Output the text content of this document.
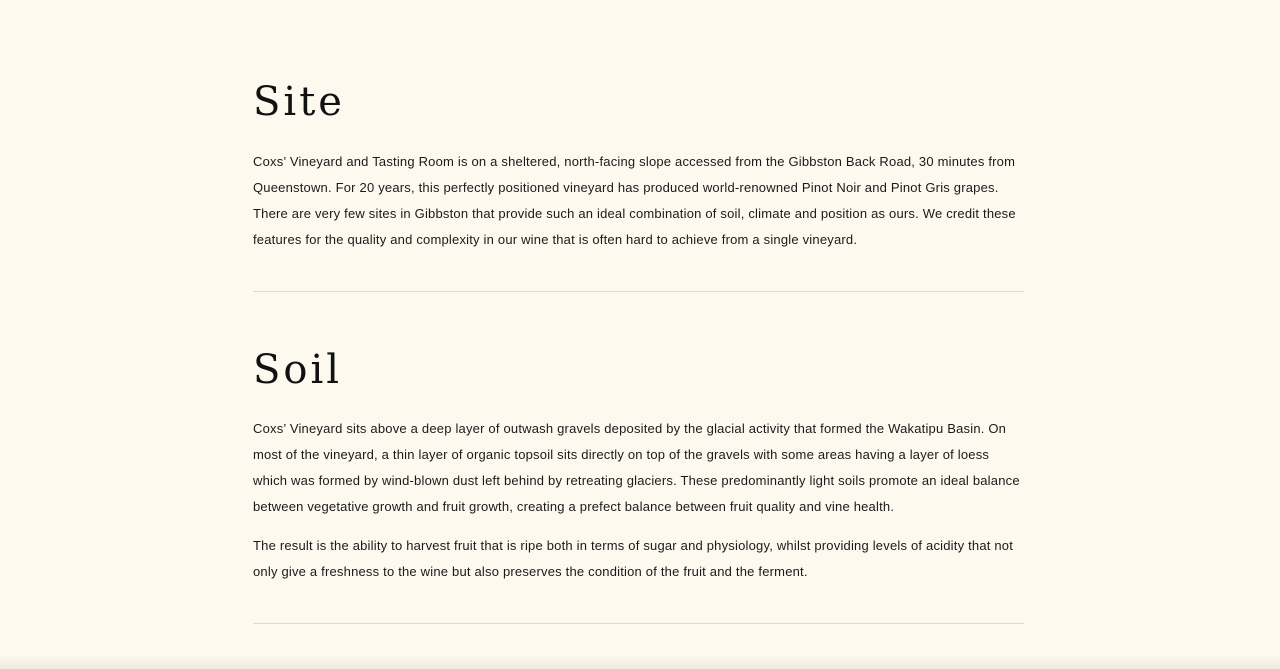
Site

Coxs’ Vineyard and Tasting Room is on a sheltered, north-facing slope accessed from the Gibbston Back Road, 30 minutes from Queenstown. For 20 years, this perfectly positioned vineyard has produced world-renowned Pinot Noir and Pinot Gris grapes. There are very few sites in Gibbston that provide such an ideal combination of soil, climate and position as ours. We credit these features for the quality and complexity in our wine that is often hard to achieve from a single vineyard.

Soil

Coxs’ Vineyard sits above a deep layer of outwash gravels deposited by the glacial activity that formed the Wakatipu Basin. On most of the vineyard, a thin layer of organic topsoil sits directly on top of the gravels with some areas having a layer of loess which was formed by wind-blown dust left behind by retreating glaciers. These predominantly light soils promote an ideal balance between vegetative growth and fruit growth, creating a prefect balance between fruit quality and vine health.

The result is the ability to harvest fruit that is ripe both in terms of sugar and physiology, whilst providing levels of acidity that not only give a freshness to the wine but also preserves the condition of the fruit and the ferment.
